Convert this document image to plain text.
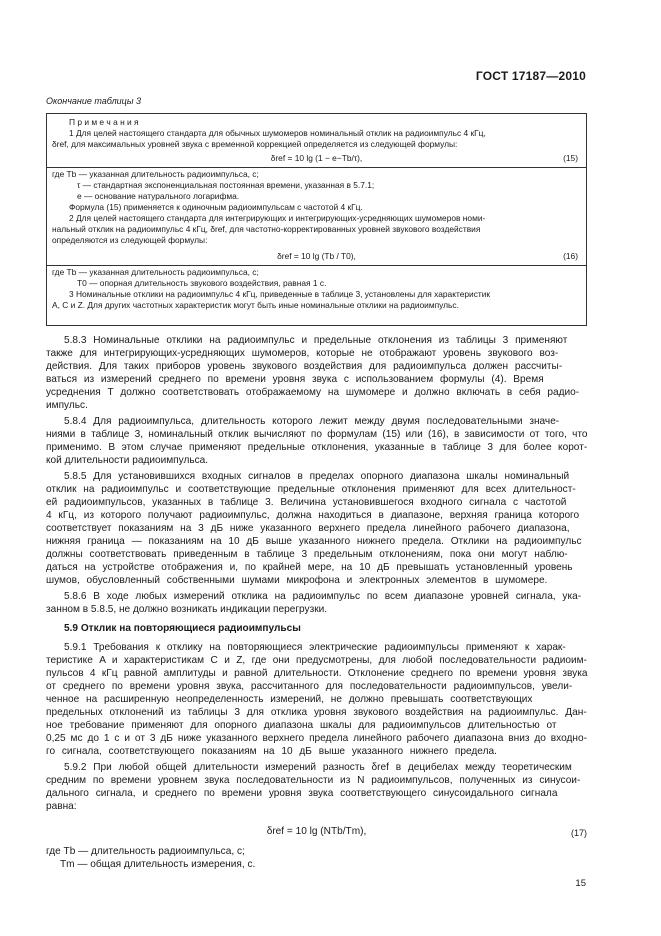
ГОСТ 17187—2010
Окончание таблицы 3
П р и м е ч а н и я
1 Для целей настоящего стандарта для обычных шумомеров номинальный отклик на радиоимпульс 4 кГц,
δref, для максимальных уровней звука с временной коррекцией определяется из следующей формулы:
δref = 10 lg (1 − e−Tb/τ),	(15)
где Tb — указанная длительность радиоимпульса, с;
τ — стандартная экспоненциальная постоянная времени, указанная в 5.7.1;
e — основание натурального логарифма.
Формула (15) применяется к одиночным радиоимпульсам с частотой 4 кГц.
2 Для целей настоящего стандарта для интегрирующих и интегрирующих-усредняющих шумомеров номи-
нальный отклик на радиоимпульс 4 кГц, δref, для частотно-корректированных уровней звукового воздействия
определяются из следующей формулы:
δref = 10 lg (Tb / T0),	(16)
где Tb — указанная длительность радиоимпульса, с;
T0 — опорная длительность звукового воздействия, равная 1 с.
3 Номинальные отклики на радиоимпульс 4 кГц, приведенные в таблице 3, установлены для характеристик
A, C и Z. Для других частотных характеристик могут быть иные номинальные отклики на радиоимпульс.
5.8.3 Номинальные отклики на радиоимпульс и предельные отклонения из таблицы 3 применяют
также для интегрирующих-усредняющих шумомеров, которые не отображают уровень звукового воз-
действия. Для таких приборов уровень звукового воздействия для радиоимпульса должен рассчиты-
ваться из измерений среднего по времени уровня звука с использованием формулы (4). Время
усреднения T должно соответствовать отображаемому на шумомере и должно включать в себя радио-
импульс.
5.8.4 Для радиоимпульса, длительность которого лежит между двумя последовательными значе-
ниями в таблице 3, номинальный отклик вычисляют по формулам (15) или (16), в зависимости от того, что
применимо. В этом случае применяют предельные отклонения, указанные в таблице 3 для более корот-
кой длительности радиоимпульса.
5.8.5 Для установившихся входных сигналов в пределах опорного диапазона шкалы номинальный
отклик на радиоимпульс и соответствующие предельные отклонения применяют для всех длительност-
ей радиоимпульсов, указанных в таблице 3. Величина установившегося входного сигнала с частотой
4 кГц, из которого получают радиоимпульс, должна находиться в диапазоне, верхняя граница которого
соответствует показаниям на 3 дБ ниже указанного верхнего предела линейного рабочего диапазона,
нижняя граница — показаниям на 10 дБ выше указанного нижнего предела. Отклики на радиоимпульс
должны соответствовать приведенным в таблице 3 предельным отклонениям, пока они могут наблю-
даться на устройстве отображения и, по крайней мере, на 10 дБ превышать установленный уровень
шумов, обусловленный собственными шумами микрофона и электронных элементов в шумомере.
5.8.6 В ходе любых измерений отклика на радиоимпульс по всем диапазоне уровней сигнала, ука-
занном в 5.8.5, не должно возникать индикации перегрузки.
5.9 Отклик на повторяющиеся радиоимпульсы
5.9.1 Требования к отклику на повторяющиеся электрические радиоимпульсы применяют к харак-
теристике A и характеристикам C и Z, где они предусмотрены, для любой последовательности радиоим-
пульсов 4 кГц равной амплитуды и равной длительности. Отклонение среднего по времени уровня звука
от среднего по времени уровня звука, рассчитанного для последовательности радиоимпульсов, увели-
ченное на расширенную неопределенность измерений, не должно превышать соответствующих
предельных отклонений из таблицы 3 для отклика уровня звукового воздействия на радиоимпульс. Дан-
ное требование применяют для опорного диапазона шкалы для радиоимпульсов длительностью от
0,25 мс до 1 с и от 3 дБ ниже указанного верхнего предела линейного рабочего диапазона вниз до входно-
го сигнала, соответствующего показаниям на 10 дБ выше указанного нижнего предела.
5.9.2 При любой общей длительности измерений разность δref в децибелах между теоретическим
средним по времени уровнем звука последовательности из N радиоимпульсов, полученных из синусои-
дального сигнала, и среднего по времени уровня звука соответствующего синусоидального сигнала
равна:
δref = 10 lg (NTb/Tm),	(17)
где Tb — длительность радиоимпульса, с;
Tm — общая длительность измерения, с.
15
